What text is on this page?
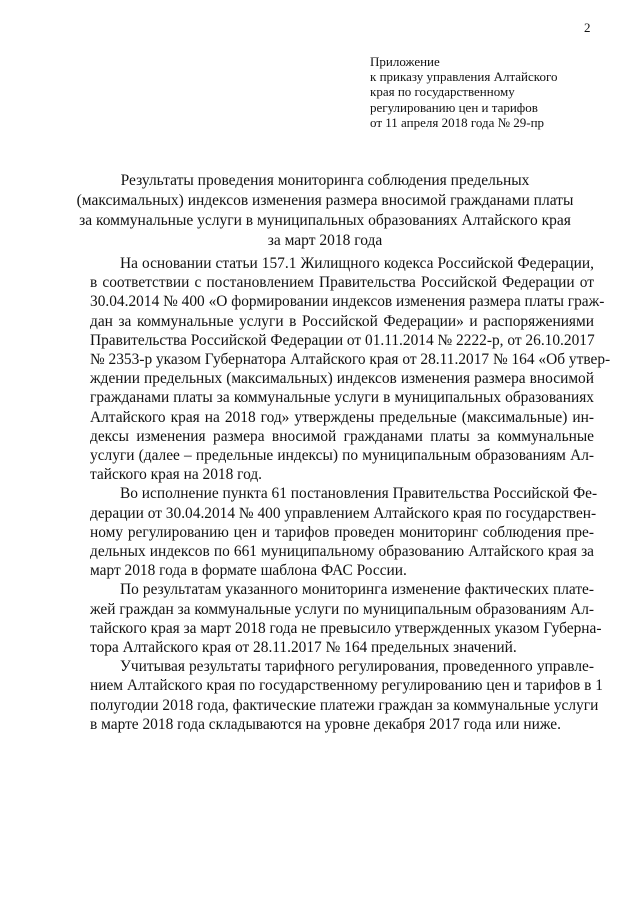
2
Приложение
к приказу управления Алтайского
края по государственному
регулированию цен и тарифов
от 11 апреля 2018 года № 29-пр
Результаты проведения мониторинга соблюдения предельных
(максимальных) индексов изменения размера вносимой гражданами платы
за коммунальные услуги в муниципальных образованиях Алтайского края
за март 2018 года

На основании статьи 157.1 Жилищного кодекса Российской Федерации,
в соответствии с постановлением Правительства Российской Федерации от
30.04.2014 № 400 «О формировании индексов изменения размера платы граж-
дан за коммунальные услуги в Российской Федерации» и распоряжениями
Правительства Российской Федерации от 01.11.2014 № 2222-р, от 26.10.2017
№ 2353-р указом Губернатора Алтайского края от 28.11.2017 № 164 «Об утвер-
ждении предельных (максимальных) индексов изменения размера вносимой
гражданами платы за коммунальные услуги в муниципальных образованиях
Алтайского края на 2018 год» утверждены предельные (максимальные) ин-
дексы изменения размера вносимой гражданами платы за коммунальные
услуги (далее – предельные индексы) по муниципальным образованиям Ал-
тайского края на 2018 год.

Во исполнение пункта 61 постановления Правительства Российской Фе-
дерации от 30.04.2014 № 400 управлением Алтайского края по государствен-
ному регулированию цен и тарифов проведен мониторинг соблюдения пре-
дельных индексов по 661 муниципальному образованию Алтайского края за
март 2018 года в формате шаблона ФАС России.

По результатам указанного мониторинга изменение фактических плате-
жей граждан за коммунальные услуги по муниципальным образованиям Ал-
тайского края за март 2018 года не превысило утвержденных указом Губерна-
тора Алтайского края от 28.11.2017 № 164 предельных значений.

Учитывая результаты тарифного регулирования, проведенного управле-
нием Алтайского края по государственному регулированию цен и тарифов в 1
полугодии 2018 года, фактические платежи граждан за коммунальные услуги
в марте 2018 года складываются на уровне декабря 2017 года или ниже.
